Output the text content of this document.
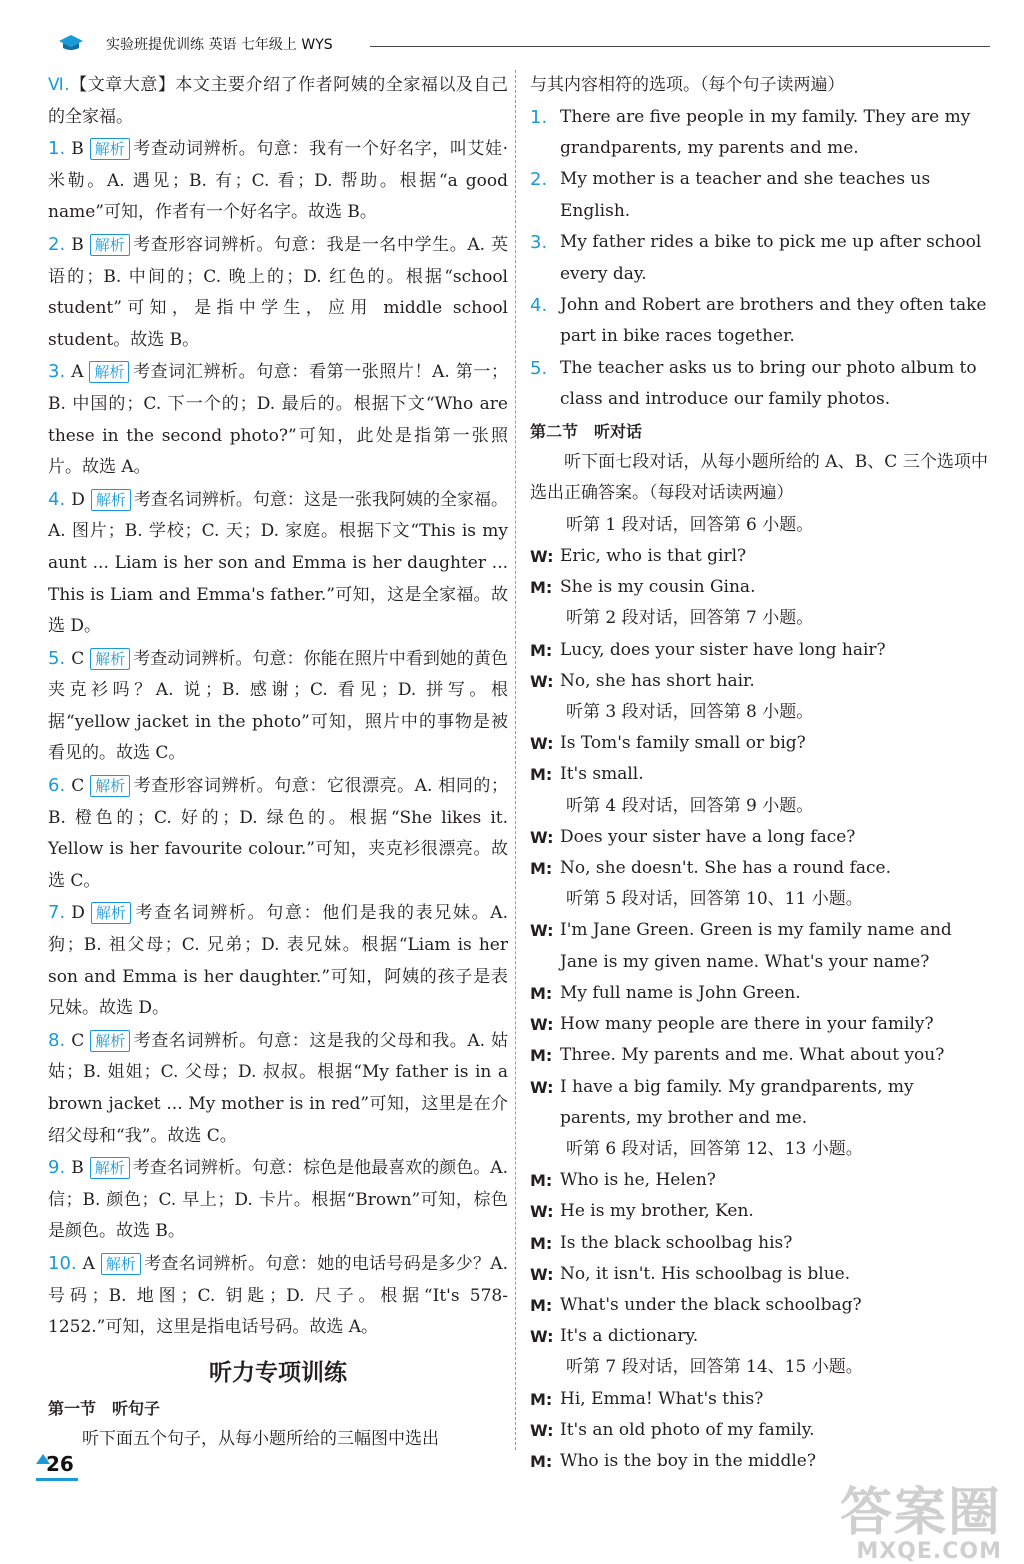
实验班提优训练 英语 七年级上 WYS

Ⅵ.【文章大意】本文主要介绍了作者阿姨的全家福以及自己的全家福。

1. B 解析 考查动词辨析。句意：我有一个好名字，叫艾娃·米勒。A. 遇见；B. 有；C. 看；D. 帮助。根据“a good name”可知，作者有一个好名字。故选 B。

2. B 解析 考查形容词辨析。句意：我是一名中学生。A. 英语的；B. 中间的；C. 晚上的；D. 红色的。根据“school student”可知，是指中学生，应用 middle school student。故选 B。

3. A 解析 考查词汇辨析。句意：看第一张照片！A. 第一；B. 中国的；C. 下一个的；D. 最后的。根据下文“Who are these in the second photo?”可知，此处是指第一张照片。故选 A。

4. D 解析 考查名词辨析。句意：这是一张我阿姨的全家福。A. 图片；B. 学校；C. 天；D. 家庭。根据下文“This is my aunt ... Liam is her son and Emma is her daughter ... This is Liam and Emma's father.”可知，这是全家福。故选 D。

5. C 解析 考查动词辨析。句意：你能在照片中看到她的黄色夹克衫吗？A. 说；B. 感谢；C. 看见；D. 拼写。根据“yellow jacket in the photo”可知，照片中的事物是被看见的。故选 C。

6. C 解析 考查形容词辨析。句意：它很漂亮。A. 相同的；B. 橙色的；C. 好的；D. 绿色的。根据“She likes it. Yellow is her favourite colour.”可知，夹克衫很漂亮。故选 C。

7. D 解析 考查名词辨析。句意：他们是我的表兄妹。A. 狗；B. 祖父母；C. 兄弟；D. 表兄妹。根据“Liam is her son and Emma is her daughter.”可知，阿姨的孩子是表兄妹。故选 D。

8. C 解析 考查名词辨析。句意：这是我的父母和我。A. 姑姑；B. 姐姐；C. 父母；D. 叔叔。根据“My father is in a brown jacket ... My mother is in red”可知，这里是在介绍父母和“我”。故选 C。

9. B 解析 考查名词辨析。句意：棕色是他最喜欢的颜色。A. 信；B. 颜色；C. 早上；D. 卡片。根据“Brown”可知，棕色是颜色。故选 B。

10. A 解析 考查名词辨析。句意：她的电话号码是多少？A. 号码；B. 地图；C. 钥匙；D. 尺子。根据“It's 578-1252.”可知，这里是指电话号码。故选 A。

听力专项训练

第一节　听句子

听下面五个句子，从每小题所给的三幅图中选出

与其内容相符的选项。（每个句子读两遍）

1. There are five people in my family. They are my grandparents, my parents and me.
2. My mother is a teacher and she teaches us English.
3. My father rides a bike to pick me up after school every day.
4. John and Robert are brothers and they often take part in bike races together.
5. The teacher asks us to bring our photo album to class and introduce our family photos.

第二节　听对话

听下面七段对话，从每小题所给的 A、B、C 三个选项中选出正确答案。（每段对话读两遍）

听第 1 段对话，回答第 6 小题。

W: Eric, who is that girl?

M: She is my cousin Gina.

听第 2 段对话，回答第 7 小题。

M: Lucy, does your sister have long hair?

W: No, she has short hair.

听第 3 段对话，回答第 8 小题。

W: Is Tom's family small or big?

M: It's small.

听第 4 段对话，回答第 9 小题。

W: Does your sister have a long face?

M: No, she doesn't. She has a round face.

听第 5 段对话，回答第 10、11 小题。

W: I'm Jane Green. Green is my family name and Jane is my given name. What's your name?

M: My full name is John Green.

W: How many people are there in your family?

M: Three. My parents and me. What about you?

W: I have a big family. My grandparents, my parents, my brother and me.

听第 6 段对话，回答第 12、13 小题。

M: Who is he, Helen?

W: He is my brother, Ken.

M: Is the black schoolbag his?

W: No, it isn't. His schoolbag is blue.

M: What's under the black schoolbag?

W: It's a dictionary.

听第 7 段对话，回答第 14、15 小题。

M: Hi, Emma! What's this?

W: It's an old photo of my family.

M: Who is the boy in the middle?

26
答案圈
MXQE.COM
